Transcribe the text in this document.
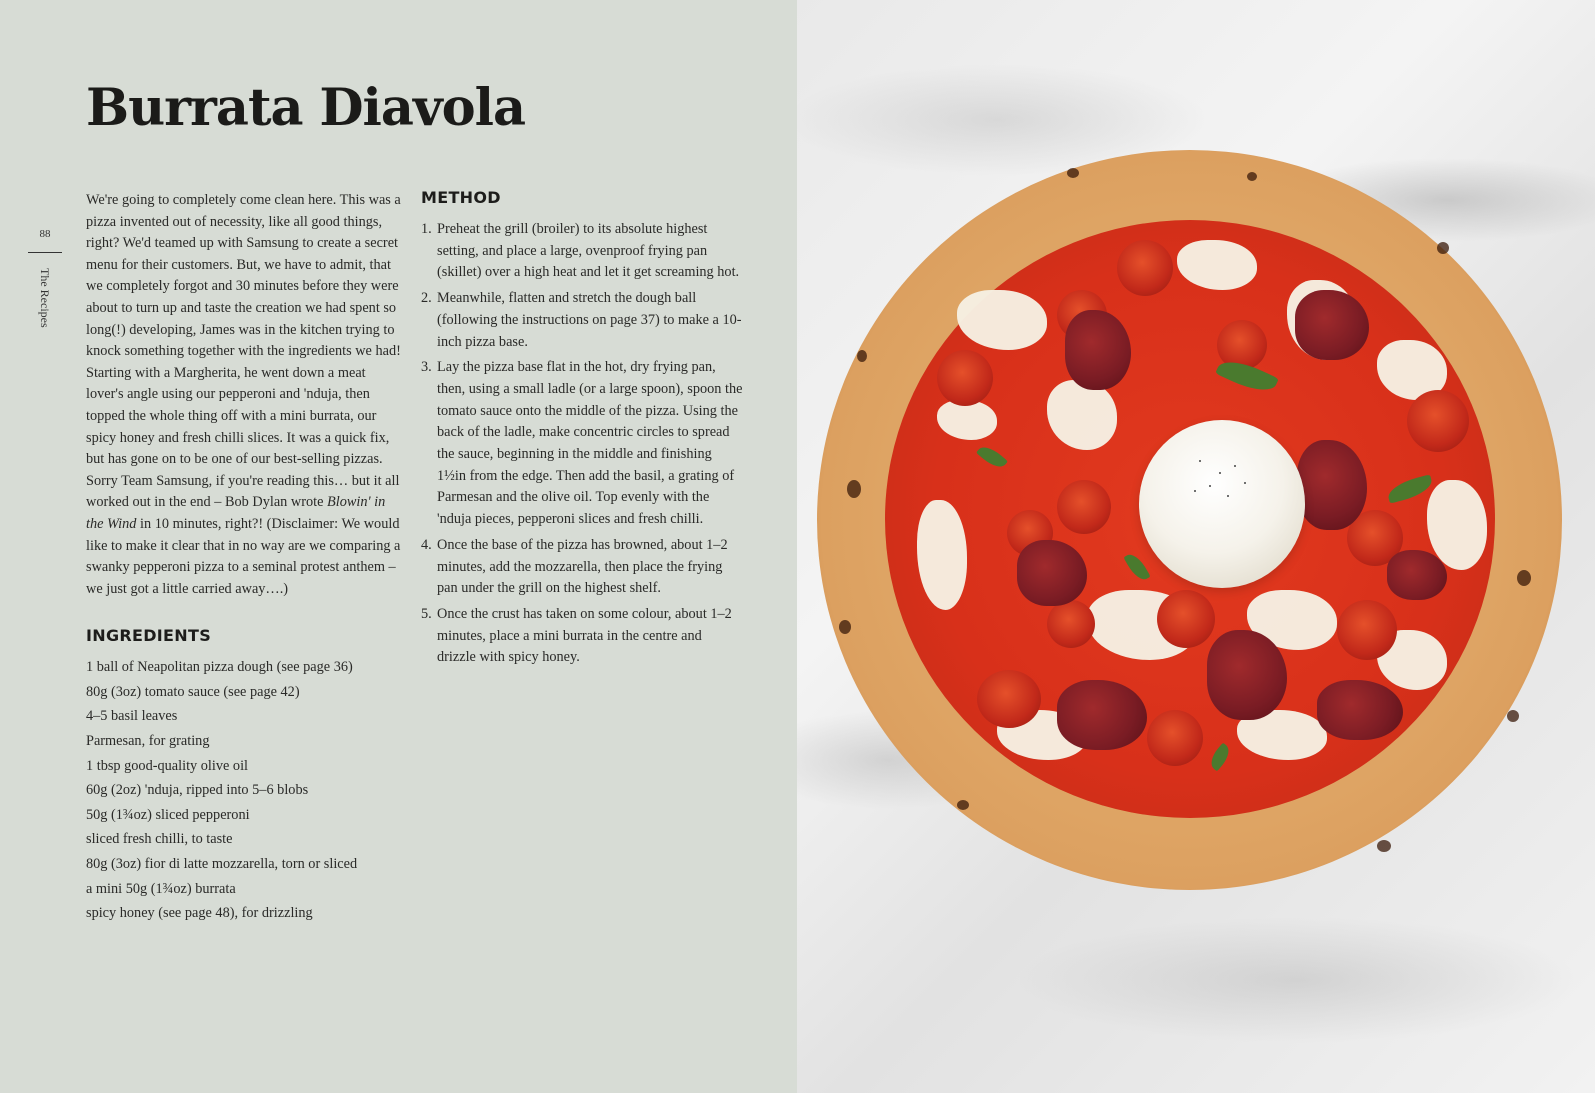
Burrata Diavola
88
The Recipes

We're going to completely come clean here. This was a pizza invented out of necessity, like all good things, right? We'd teamed up with Samsung to create a secret menu for their customers. But, we have to admit, that we completely forgot and 30 minutes before they were about to turn up and taste the creation we had spent so long(!) developing, James was in the kitchen trying to knock something together with the ingredients we had! Starting with a Margherita, he went down a meat lover's angle using our pepperoni and 'nduja, then topped the whole thing off with a mini burrata, our spicy honey and fresh chilli slices. It was a quick fix, but has gone on to be one of our best-selling pizzas. Sorry Team Samsung, if you're reading this… but it all worked out in the end – Bob Dylan wrote Blowin' in the Wind in 10 minutes, right?! (Disclaimer: We would like to make it clear that in no way are we comparing a swanky pepperoni pizza to a seminal protest anthem – we just got a little carried away….)

INGREDIENTS
1 ball of Neapolitan pizza dough (see page 36)
80g (3oz) tomato sauce (see page 42)
4–5 basil leaves
Parmesan, for grating
1 tbsp good-quality olive oil
60g (2oz) 'nduja, ripped into 5–6 blobs
50g (1¾oz) sliced pepperoni
sliced fresh chilli, to taste
80g (3oz) fior di latte mozzarella, torn or sliced
a mini 50g (1¾oz) burrata
spicy honey (see page 48), for drizzling
METHOD
1. Preheat the grill (broiler) to its absolute highest setting, and place a large, ovenproof frying pan (skillet) over a high heat and let it get screaming hot.
2. Meanwhile, flatten and stretch the dough ball (following the instructions on page 37) to make a 10-inch pizza base.
3. Lay the pizza base flat in the hot, dry frying pan, then, using a small ladle (or a large spoon), spoon the tomato sauce onto the middle of the pizza. Using the back of the ladle, make concentric circles to spread the sauce, beginning in the middle and finishing 1½in from the edge. Then add the basil, a grating of Parmesan and the olive oil. Top evenly with the 'nduja pieces, pepperoni slices and fresh chilli.
4. Once the base of the pizza has browned, about 1–2 minutes, add the mozzarella, then place the frying pan under the grill on the highest shelf.
5. Once the crust has taken on some colour, about 1–2 minutes, place a mini burrata in the centre and drizzle with spicy honey.
